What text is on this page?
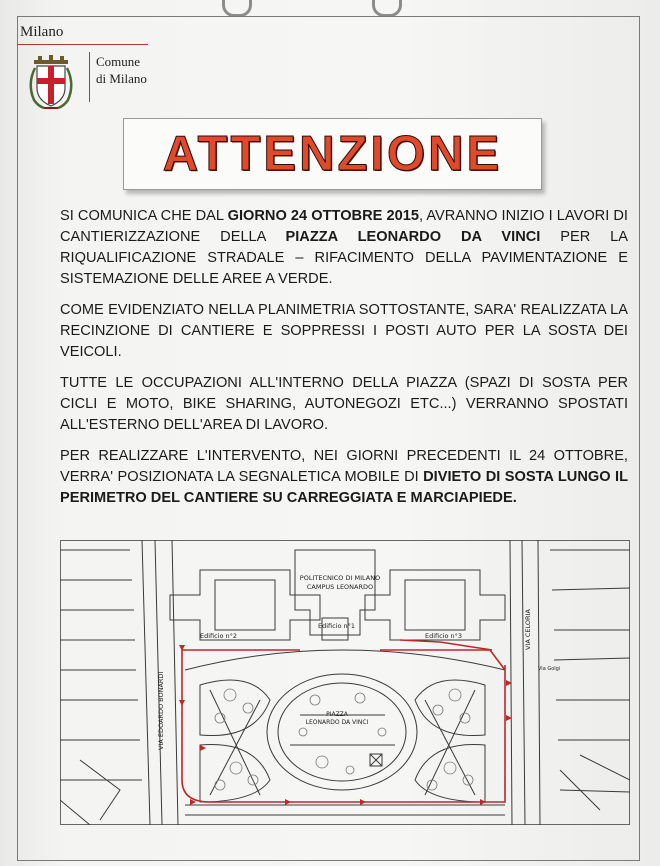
Milano

Comune
di Milano

ATTENZIONE

SI COMUNICA CHE DAL GIORNO 24 OTTOBRE 2015, AVRANNO INIZIO I LAVORI DI CANTIERIZZAZIONE DELLA PIAZZA LEONARDO DA VINCI PER LA RIQUALIFICAZIONE STRADALE – RIFACIMENTO DELLA PAVIMENTAZIONE E SISTEMAZIONE DELLE AREE A VERDE.

COME EVIDENZIATO NELLA PLANIMETRIA SOTTOSTANTE, SARA' REALIZZATA LA RECINZIONE DI CANTIERE E SOPPRESSI I POSTI AUTO PER LA SOSTA DEI VEICOLI.

TUTTE LE OCCUPAZIONI ALL'INTERNO DELLA PIAZZA (SPAZI DI SOSTA PER CICLI E MOTO, BIKE SHARING, AUTONEGOZI ETC...) VERRANNO SPOSTATI ALL'ESTERNO DELL'AREA DI LAVORO.

PER REALIZZARE L'INTERVENTO, NEI GIORNI PRECEDENTI IL 24 OTTOBRE, VERRA' POSIZIONATA LA SEGNALETICA MOBILE DI DIVIETO DI SOSTA LUNGO IL PERIMETRO DEL CANTIERE SU CARREGGIATA E MARCIAPIEDE.

POLITECNICO DI MILANO
CAMPUS LEONARDO
Edificio n°2
Edificio n°1
Edificio n°3
PIAZZA
LEONARDO DA VINCI
Via Golgi
VIA EDOARDO BONARDI
VIA CELORIA
